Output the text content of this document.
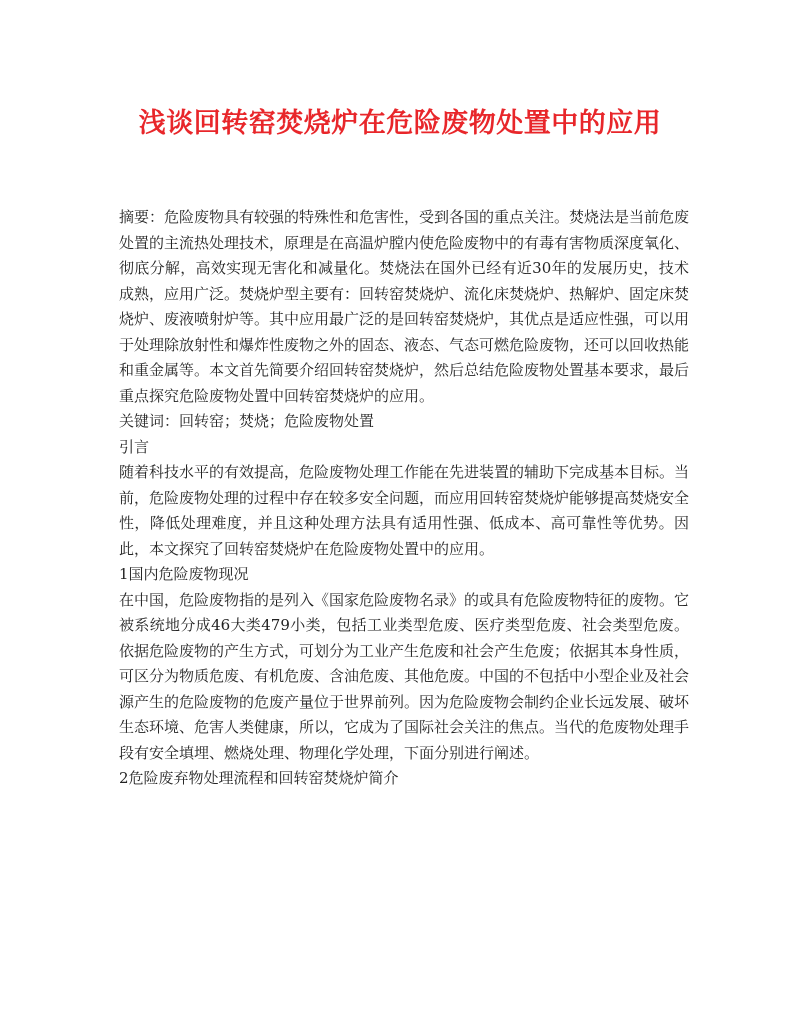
浅谈回转窑焚烧炉在危险废物处置中的应用

摘要：危险废物具有较强的特殊性和危害性，受到各国的重点关注。焚烧法是当前危废处置的主流热处理技术，原理是在高温炉膛内使危险废物中的有毒有害物质深度氧化、彻底分解，高效实现无害化和减量化。焚烧法在国外已经有近30年的发展历史，技术成熟，应用广泛。焚烧炉型主要有：回转窑焚烧炉、流化床焚烧炉、热解炉、固定床焚烧炉、废液喷射炉等。其中应用最广泛的是回转窑焚烧炉，其优点是适应性强，可以用于处理除放射性和爆炸性废物之外的固态、液态、气态可燃危险废物，还可以回收热能和重金属等。本文首先简要介绍回转窑焚烧炉，然后总结危险废物处置基本要求，最后重点探究危险废物处置中回转窑焚烧炉的应用。

关键词：回转窑；焚烧；危险废物处置

引言

随着科技水平的有效提高，危险废物处理工作能在先进装置的辅助下完成基本目标。当前，危险废物处理的过程中存在较多安全问题，而应用回转窑焚烧炉能够提高焚烧安全性，降低处理难度，并且这种处理方法具有适用性强、低成本、高可靠性等优势。因此，本文探究了回转窑焚烧炉在危险废物处置中的应用。

1国内危险废物现况

在中国，危险废物指的是列入《国家危险废物名录》的或具有危险废物特征的废物。它被系统地分成46大类479小类，包括工业类型危废、医疗类型危废、社会类型危废。依据危险废物的产生方式，可划分为工业产生危废和社会产生危废；依据其本身性质，可区分为物质危废、有机危废、含油危废、其他危废。中国的不包括中小型企业及社会源产生的危险废物的危废产量位于世界前列。因为危险废物会制约企业长远发展、破坏生态环境、危害人类健康，所以，它成为了国际社会关注的焦点。当代的危废物处理手段有安全填埋、燃烧处理、物理化学处理，下面分别进行阐述。

2危险废弃物处理流程和回转窑焚烧炉简介
